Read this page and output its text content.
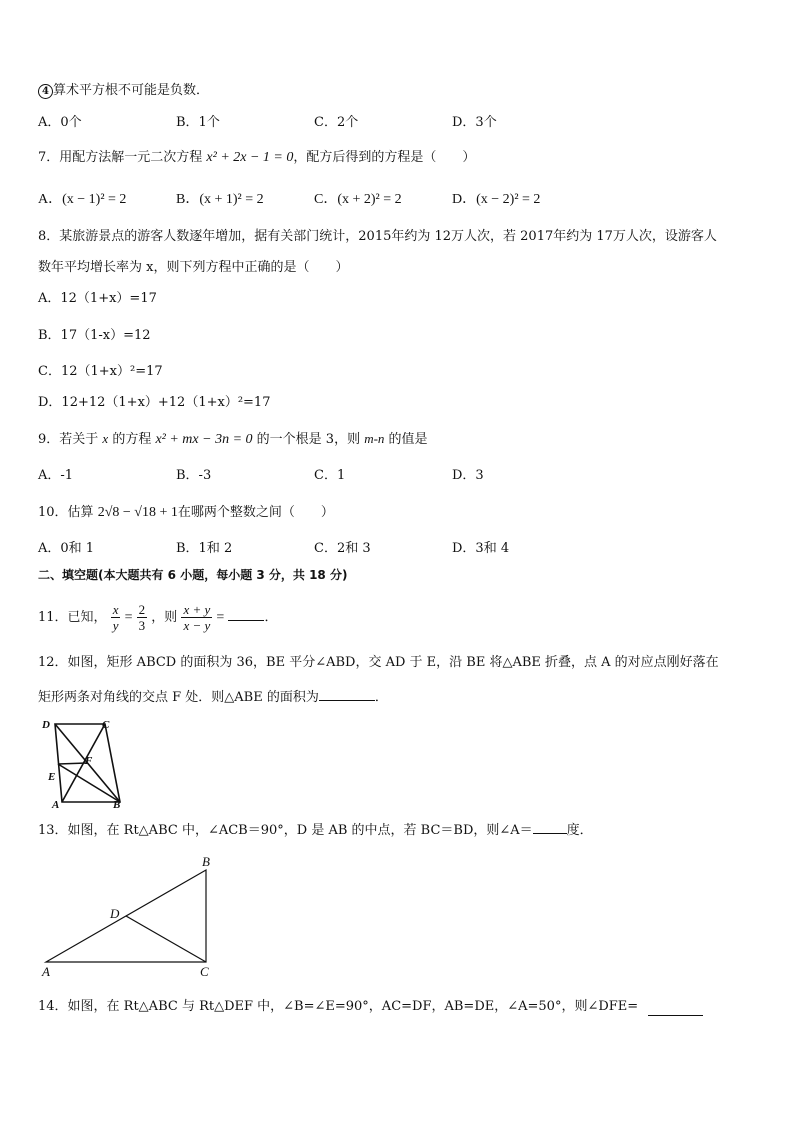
4 算术平方根不可能是负数．
A．0个	B．1个	C．2个	D．3个
7．用配方法解一元二次方程 x² + 2x − 1 = 0，配方后得到的方程是（　　）
A．(x − 1)² = 2	B．(x + 1)² = 2	C．(x + 2)² = 2	D．(x − 2)² = 2
8．某旅游景点的游客人数逐年增加，据有关部门统计，2015年约为 12万人次，若 2017年约为 17万人次，设游客人
数年平均增长率为 x，则下列方程中正确的是（　　）
A．12（1+x）=17
B．17（1-x）=12
C．12（1+x）²=17
D．12+12（1+x）+12（1+x）²=17
9．若关于 x 的方程 x² + mx − 3n = 0 的一个根是 3，则 m-n 的值是
A．-1	B．-3	C．1	D．3
10．估算 2√8 − √18 + 1在哪两个整数之间（　　）
A．0和 1	B．1和 2	C．2和 3	D．3和 4
二、填空题(本大题共有 6 小题，每小题 3 分，共 18 分)
11．已知， $\frac{x}{y} = \frac{2}{3}$ ，则 $\frac{x + y}{x - y}$ =	．
12．如图，矩形 ABCD 的面积为 36，BE 平分∠ABD，交 AD 于 E，沿 BE 将△ABE 折叠，点 A 的对应点刚好落在
矩形两条对角线的交点 F 处．则△ABE 的面积为	．
D	C
F
E
A	B
13．如图，在 Rt△ABC 中，∠ACB＝90°，D 是 AB 的中点，若 BC＝BD，则∠A＝	度．
B
D
A	C
14．如图，在 Rt△ABC 与 Rt△DEF 中，∠B=∠E=90°，AC=DF，AB=DE，∠A=50°，则∠DFE=
